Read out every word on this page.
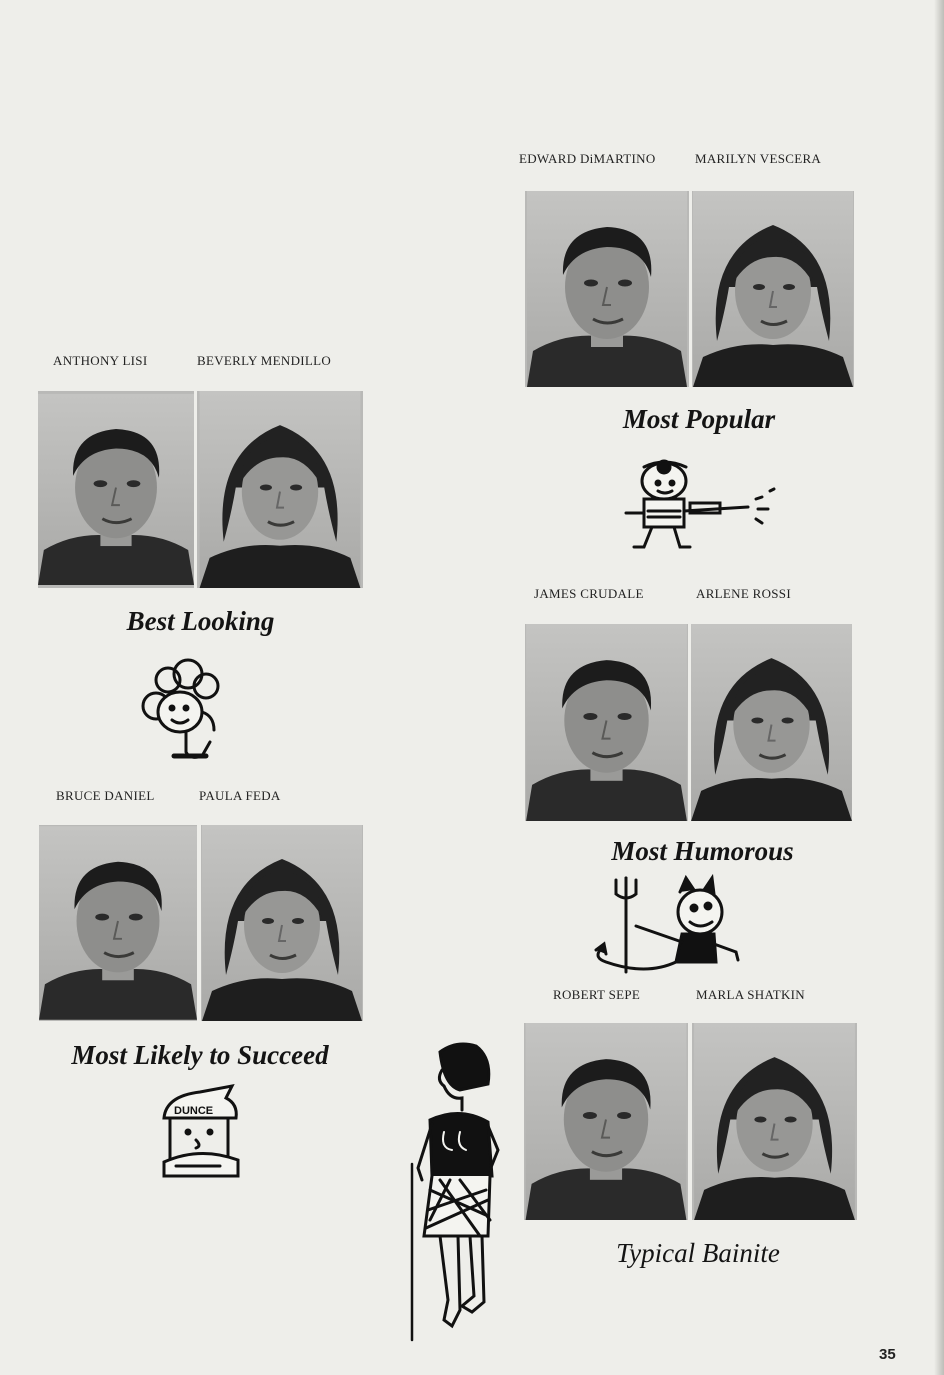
EDWARD DiMARTINO	MARILYN VESCERA
Most Popular
ANTHONY LISI	BEVERLY MENDILLO
Best Looking
JAMES CRUDALE	ARLENE ROSSI
Most Humorous
BRUCE DANIEL	PAULA FEDA
Most Likely to Succeed
DUNCE
ROBERT SEPE	MARLA SHATKIN
Typical Bainite
35
